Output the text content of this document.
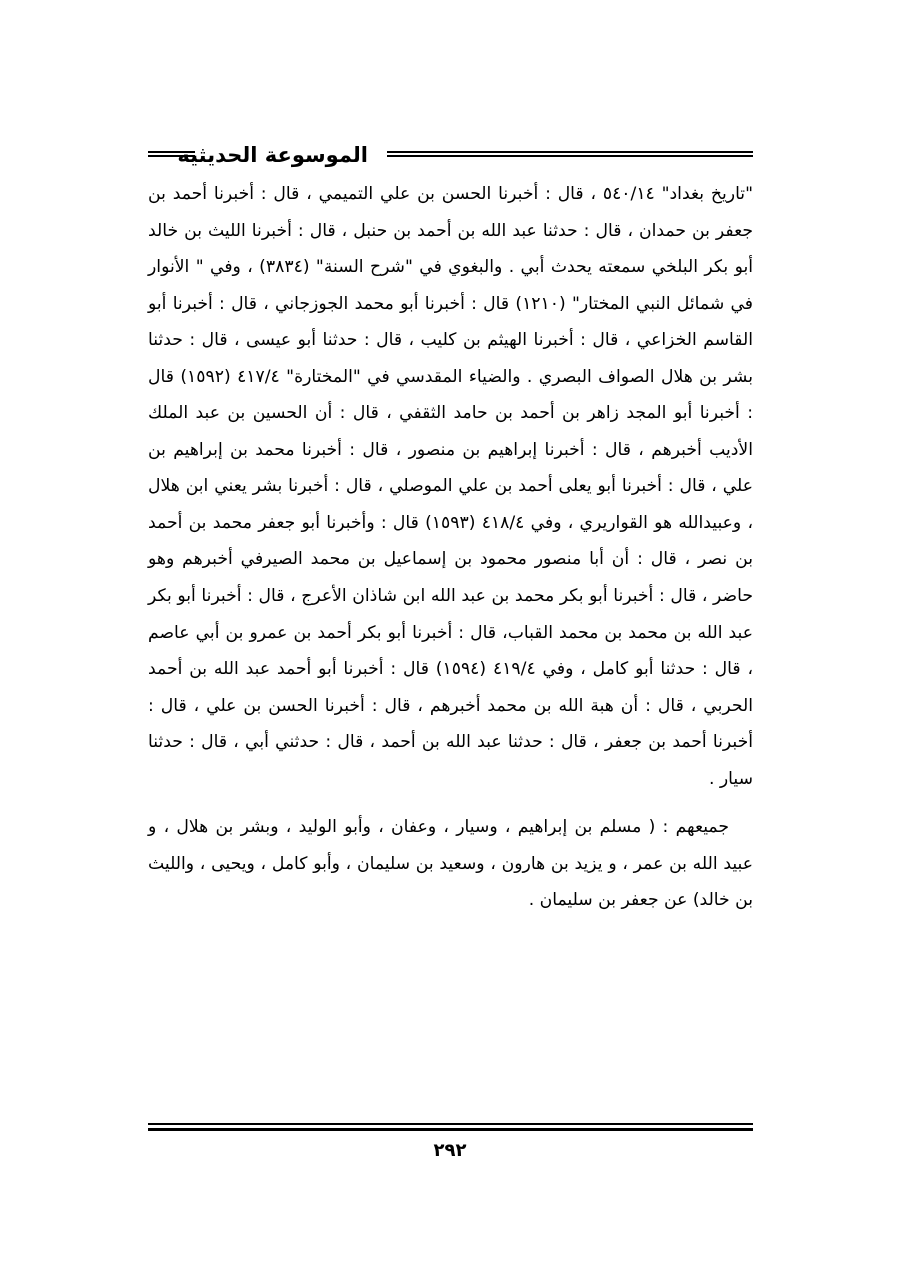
الموسوعة الحديثية

"تاريخ بغداد" ٥٤٠/١٤ ، قال : أخبرنا الحسن بن علي التميمي ، قال : أخبرنا أحمد بن جعفر بن حمدان ، قال : حدثنا عبد الله بن أحمد بن حنبل ، قال : أخبرنا الليث بن خالد أبو بكر البلخي سمعته يحدث أبي . والبغوي في "شرح السنة" (٣٨٣٤) ، وفي " الأنوار في شمائل النبي المختار" (١٢١٠) قال : أخبرنا أبو محمد الجوزجاني ، قال : أخبرنا أبو القاسم الخزاعي ، قال : أخبرنا الهيثم بن كليب ، قال : حدثنا أبو عيسى ، قال : حدثنا بشر بن هلال الصواف البصري . والضياء المقدسي في "المختارة" ٤١٧/٤ (١٥٩٢) قال : أخبرنا أبو المجد زاهر بن أحمد بن حامد الثقفي ، قال : أن الحسين بن عبد الملك الأديب أخبرهم ، قال : أخبرنا إبراهيم بن منصور ، قال : أخبرنا محمد بن إبراهيم بن علي ، قال : أخبرنا أبو يعلى أحمد بن علي الموصلي ، قال : أخبرنا بشر يعني ابن هلال ، وعبيدالله هو القواريري ، وفي ٤١٨/٤ (١٥٩٣) قال : وأخبرنا أبو جعفر محمد بن أحمد بن نصر ، قال : أن أبا منصور محمود بن إسماعيل بن محمد الصيرفي أخبرهم وهو حاضر ، قال : أخبرنا أبو بكر محمد بن عبد الله ابن شاذان الأعرج ، قال : أخبرنا أبو بكر عبد الله بن محمد بن محمد القباب، قال : أخبرنا أبو بكر أحمد بن عمرو بن أبي عاصم ، قال : حدثنا أبو كامل ، وفي ٤١٩/٤ (١٥٩٤) قال : أخبرنا أبو أحمد عبد الله بن أحمد الحربي ، قال : أن هبة الله بن محمد أخبرهم ، قال : أخبرنا الحسن بن علي ، قال : أخبرنا أحمد بن جعفر ، قال : حدثنا عبد الله بن أحمد ، قال : حدثني أبي ، قال : حدثنا سيار .

جميعهم : ( مسلم بن إبراهيم ، وسيار ، وعفان ، وأبو الوليد ، وبشر بن هلال ، و عبيد الله بن عمر ، و يزيد بن هارون ، وسعيد بن سليمان ، وأبو كامل ، ويحيى ، والليث بن خالد) عن جعفر بن سليمان .

٢٩٢
